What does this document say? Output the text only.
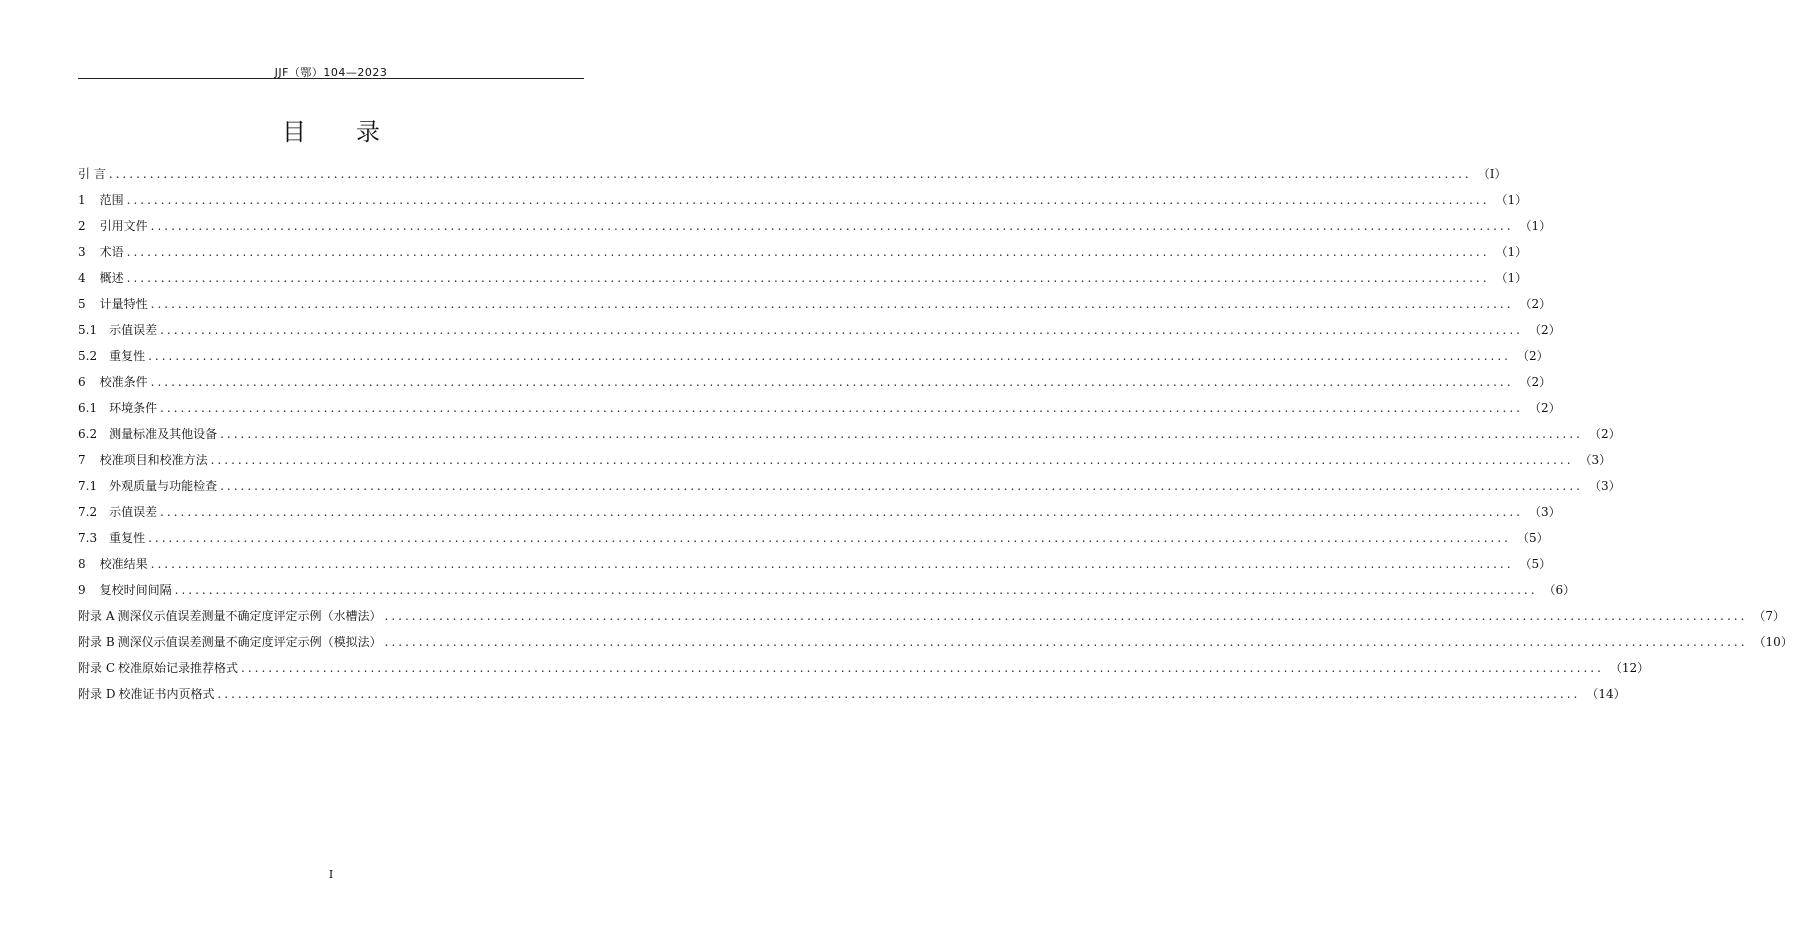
JJF（鄂）104—2023
目录
引 言 ........................................................................................................................................................................................................ （Ⅰ）
1 范围 ........................................................................................................................................................................................................ （1）
2 引用文件 ........................................................................................................................................................................................................ （1）
3 术语 ........................................................................................................................................................................................................ （1）
4 概述 ........................................................................................................................................................................................................ （1）
5 计量特性 ........................................................................................................................................................................................................ （2）
5.1 示值误差 ........................................................................................................................................................................................................ （2）
5.2 重复性 ........................................................................................................................................................................................................ （2）
6 校准条件 ........................................................................................................................................................................................................ （2）
6.1 环境条件 ........................................................................................................................................................................................................ （2）
6.2 测量标准及其他设备 ........................................................................................................................................................................................................ （2）
7 校准项目和校准方法 ........................................................................................................................................................................................................ （3）
7.1 外观质量与功能检查 ........................................................................................................................................................................................................ （3）
7.2 示值误差 ........................................................................................................................................................................................................ （3）
7.3 重复性 ........................................................................................................................................................................................................ （5）
8 校准结果 ........................................................................................................................................................................................................ （5）
9 复校时间间隔 ........................................................................................................................................................................................................ （6）
附录 A 测深仪示值误差测量不确定度评定示例（水槽法） ........................................................................................................................................................................................................ （7）
附录 B 测深仪示值误差测量不确定度评定示例（模拟法） ........................................................................................................................................................................................................ （10）
附录 C 校准原始记录推荐格式 ........................................................................................................................................................................................................ （12）
附录 D 校准证书内页格式 ........................................................................................................................................................................................................ （14）
I
